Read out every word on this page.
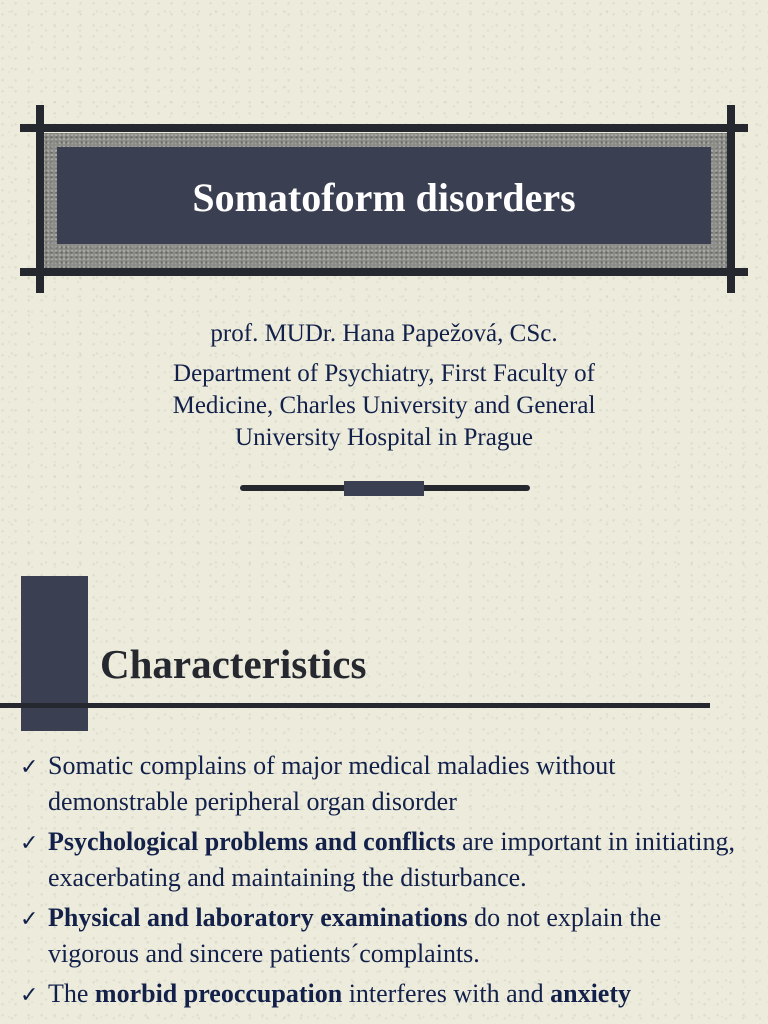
Somatoform disorders
prof. MUDr. Hana Papežová, CSc.
Department of Psychiatry, First Faculty of
Medicine, Charles University and General
University Hospital in Prague
Characteristics
✓ Somatic complains of major medical maladies without demonstrable peripheral organ disorder
✓ Psychological problems and conflicts are important in initiating, exacerbating and maintaining the disturbance.
✓ Physical and laboratory examinations do not explain the vigorous and sincere patients´complaints.
✓ The morbid preoccupation interferes with and anxiety
